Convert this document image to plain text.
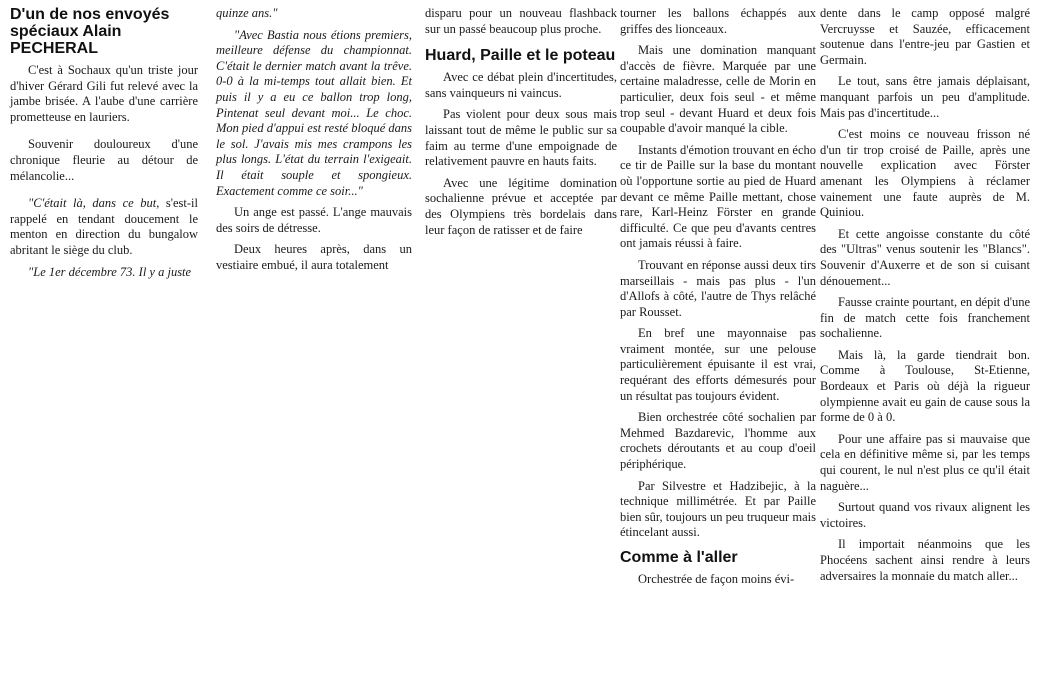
D'un de nos envoyés spéciaux Alain PECHERAL

C'est à Sochaux qu'un triste jour d'hiver Gérard Gili fut relevé avec la jambe brisée. A l'aube d'une carrière prometteuse en lauriers.

Souvenir douloureux d'une chronique fleurie au détour de mélancolie...

"C'était là, dans ce but, s'est-il rappelé en tendant doucement le menton en direction du bungalow abritant le siège du club.

"Le 1er décembre 73. Il y a juste

quinze ans."

"Avec Bastia nous étions premiers, meilleure défense du championnat. C'était le dernier match avant la trêve. 0-0 à la mi-temps tout allait bien. Et puis il y a eu ce ballon trop long, Pintenat seul devant moi... Le choc. Mon pied d'appui est resté bloqué dans le sol. J'avais mis mes crampons les plus longs. L'état du terrain l'exigeait. Il était souple et spongieux. Exactement comme ce soir..."

Un ange est passé. L'ange mauvais des soirs de détresse.

Deux heures après, dans un vestiaire embué, il aura totalement

disparu pour un nouveau flashback sur un passé beaucoup plus proche.

Huard, Paille et le poteau

Avec ce débat plein d'incertitudes, sans vainqueurs ni vaincus.

Pas violent pour deux sous mais laissant tout de même le public sur sa faim au terme d'une empoignade de relativement pauvre en hauts faits.

Avec une légitime domination sochalienne prévue et acceptée par des Olympiens très bordelais dans leur façon de ratisser et de faire

tourner les ballons échappés aux griffes des lionceaux.

Mais une domination manquant d'accès de fièvre. Marquée par une certaine maladresse, celle de Morin en particulier, deux fois seul - et même trop seul - devant Huard et deux fois coupable d'avoir manqué la cible.

Instants d'émotion trouvant en écho ce tir de Paille sur la base du montant où l'opportune sortie au pied de Huard devant ce même Paille mettant, chose rare, Karl-Heinz Förster en grande difficulté. Ce que peu d'avants centres ont jamais réussi à faire.

Trouvant en réponse aussi deux tirs marseillais - mais pas plus - l'un d'Allofs à côté, l'autre de Thys relâché par Rousset.

En bref une mayonnaise pas vraiment montée, sur une pelouse particulièrement épuisante il est vrai, requérant des efforts démesurés pour un résultat pas toujours évident.

Bien orchestrée côté sochalien par Mehmed Bazdarevic, l'homme aux crochets déroutants et au coup d'oeil périphérique.

Par Silvestre et Hadzibejic, à la technique millimétrée. Et par Paille bien sûr, toujours un peu truqueur mais étincelant aussi.

Comme à l'aller

Orchestrée de façon moins évi-

dente dans le camp opposé malgré Vercruysse et Sauzée, efficacement soutenue dans l'entre-jeu par Gastien et Germain.

Le tout, sans être jamais déplaisant, manquant parfois un peu d'amplitude. Mais pas d'incertitude...

C'est moins ce nouveau frisson né d'un tir trop croisé de Paille, après une nouvelle explication avec Förster amenant les Olympiens à réclamer vainement une faute auprès de M. Quiniou.

Et cette angoisse constante du côté des "Ultras" venus soutenir les "Blancs". Souvenir d'Auxerre et de son si cuisant dénouement...

Fausse crainte pourtant, en dépit d'une fin de match cette fois franchement sochalienne.

Mais là, la garde tiendrait bon. Comme à Toulouse, St-Etienne, Bordeaux et Paris où déjà la rigueur olympienne avait eu gain de cause sous la forme de 0 à 0.

Pour une affaire pas si mauvaise que cela en définitive même si, par les temps qui courent, le nul n'est plus ce qu'il était naguère...

Surtout quand vos rivaux alignent les victoires.

Il importait néanmoins que les Phocéens sachent ainsi rendre à leurs adversaires la monnaie du match aller...
